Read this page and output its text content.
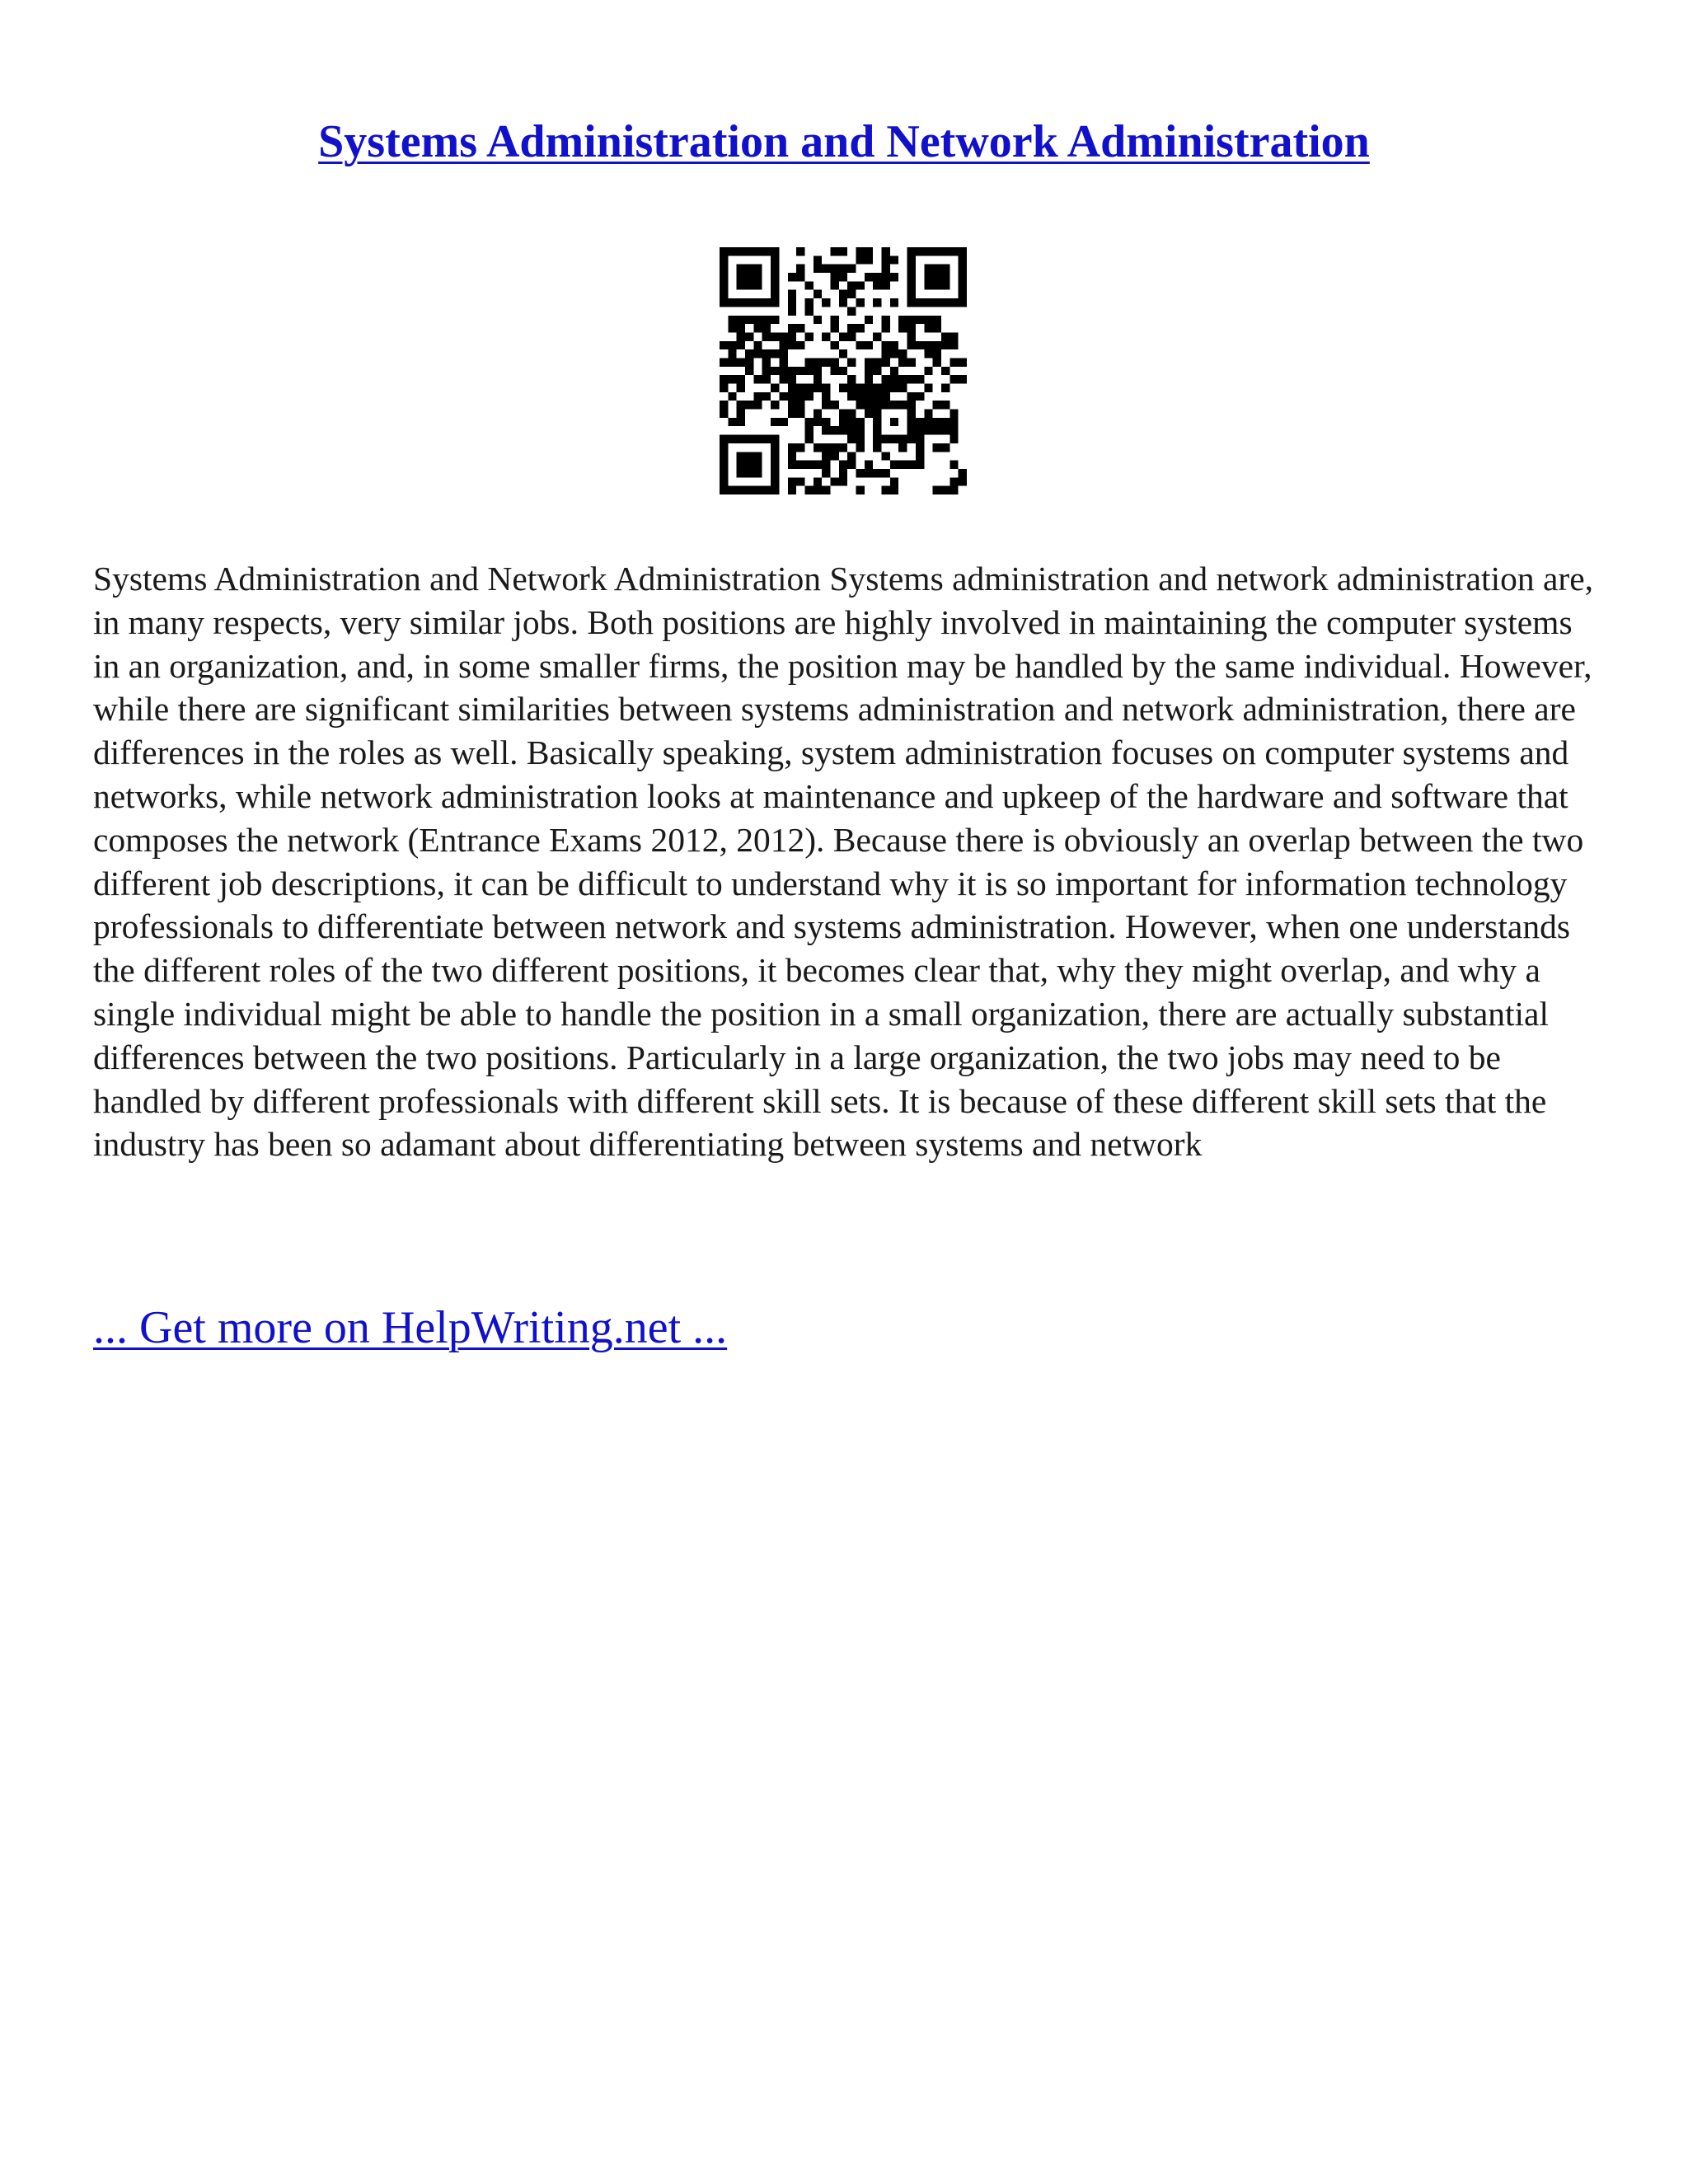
Systems Administration and Network Administration

Systems Administration and Network Administration Systems administration and network administration are, in many respects, very similar jobs. Both positions are highly involved in maintaining the computer systems in an organization, and, in some smaller firms, the position may be handled by the same individual. However, while there are significant similarities between systems administration and network administration, there are differences in the roles as well. Basically speaking, system administration focuses on computer systems and networks, while network administration looks at maintenance and upkeep of the hardware and software that composes the network (Entrance Exams 2012, 2012). Because there is obviously an overlap between the two different job descriptions, it can be difficult to understand why it is so important for information technology professionals to differentiate between network and systems administration. However, when one understands the different roles of the two different positions, it becomes clear that, why they might overlap, and why a single individual might be able to handle the position in a small organization, there are actually substantial differences between the two positions. Particularly in a large organization, the two jobs may need to be handled by different professionals with different skill sets. It is because of these different skill sets that the industry has been so adamant about differentiating between systems and network

... Get more on HelpWriting.net ...
